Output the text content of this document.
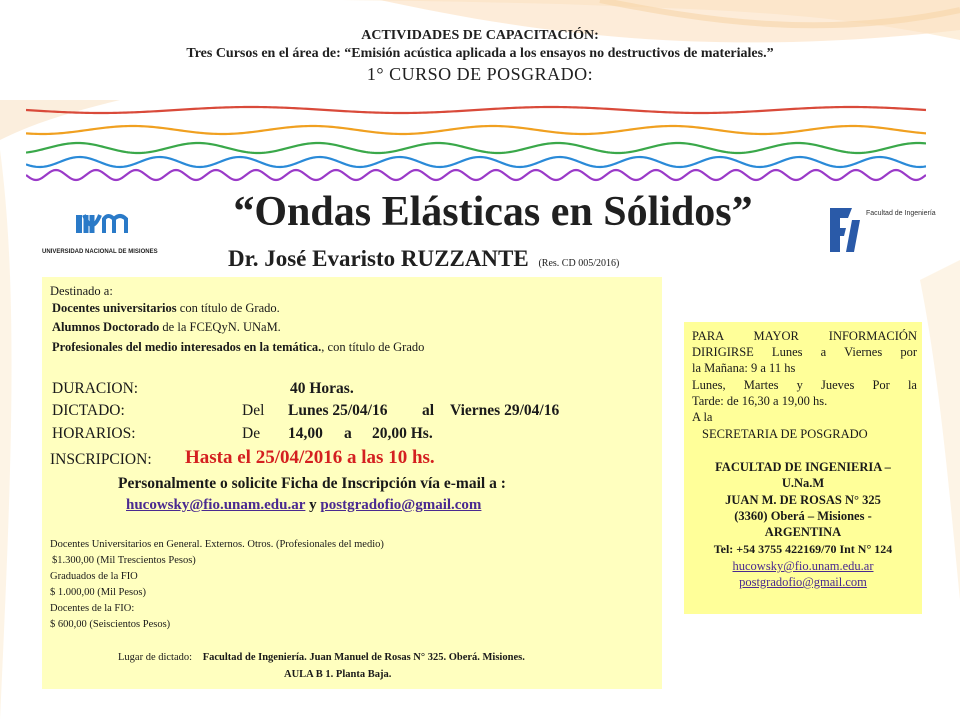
ACTIVIDADES DE CAPACITACIÓN:
Tres Cursos en el área de: “Emisión acústica aplicada a los ensayos no destructivos de materiales.”
1° CURSO DE POSGRADO:
UNIVERSIDAD NACIONAL DE MISIONES
Facultad de Ingeniería
“Ondas Elásticas en Sólidos”
Dr. José Evaristo RUZZANTE (Res. CD 005/2016)
Destinado a:
Docentes universitarios con título de Grado.
Alumnos Doctorado de la FCEQyN. UNaM.
Profesionales del medio interesados en la temática., con título de Grado
DURACION:	40 Horas.
DICTADO:	Del Lunes 25/04/16 al Viernes 29/04/16
HORARIOS:	De 14,00 a 20,00 Hs.
INSCRIPCION: Hasta el 25/04/2016 a las 10 hs.
Personalmente o solicite Ficha de Inscripción vía e-mail a :
hucowsky@fio.unam.edu.ar y postgradofio@gmail.com
Docentes Universitarios en General. Externos. Otros. (Profesionales del medio)
$1.300,00 (Mil Trescientos Pesos)
Graduados de la FIO
$ 1.000,00 (Mil Pesos)
Docentes de la FIO:
$ 600,00 (Seiscientos Pesos)
Lugar de dictado: Facultad de Ingeniería. Juan Manuel de Rosas N° 325. Oberá. Misiones.
AULA B 1. Planta Baja.
PARA MAYOR INFORMACIÓN
DIRIGIRSE Lunes a Viernes por
la Mañana: 9 a 11 hs
Lunes, Martes y Jueves Por la
Tarde: de 16,30 a 19,00 hs.
A la
SECRETARIA DE POSGRADO
FACULTAD DE INGENIERIA –
U.Na.M
JUAN M. DE ROSAS N° 325
(3360) Oberá – Misiones -
ARGENTINA
Tel: +54 3755 422169/70 Int N° 124
hucowsky@fio.unam.edu.ar
postgradofio@gmail.com
